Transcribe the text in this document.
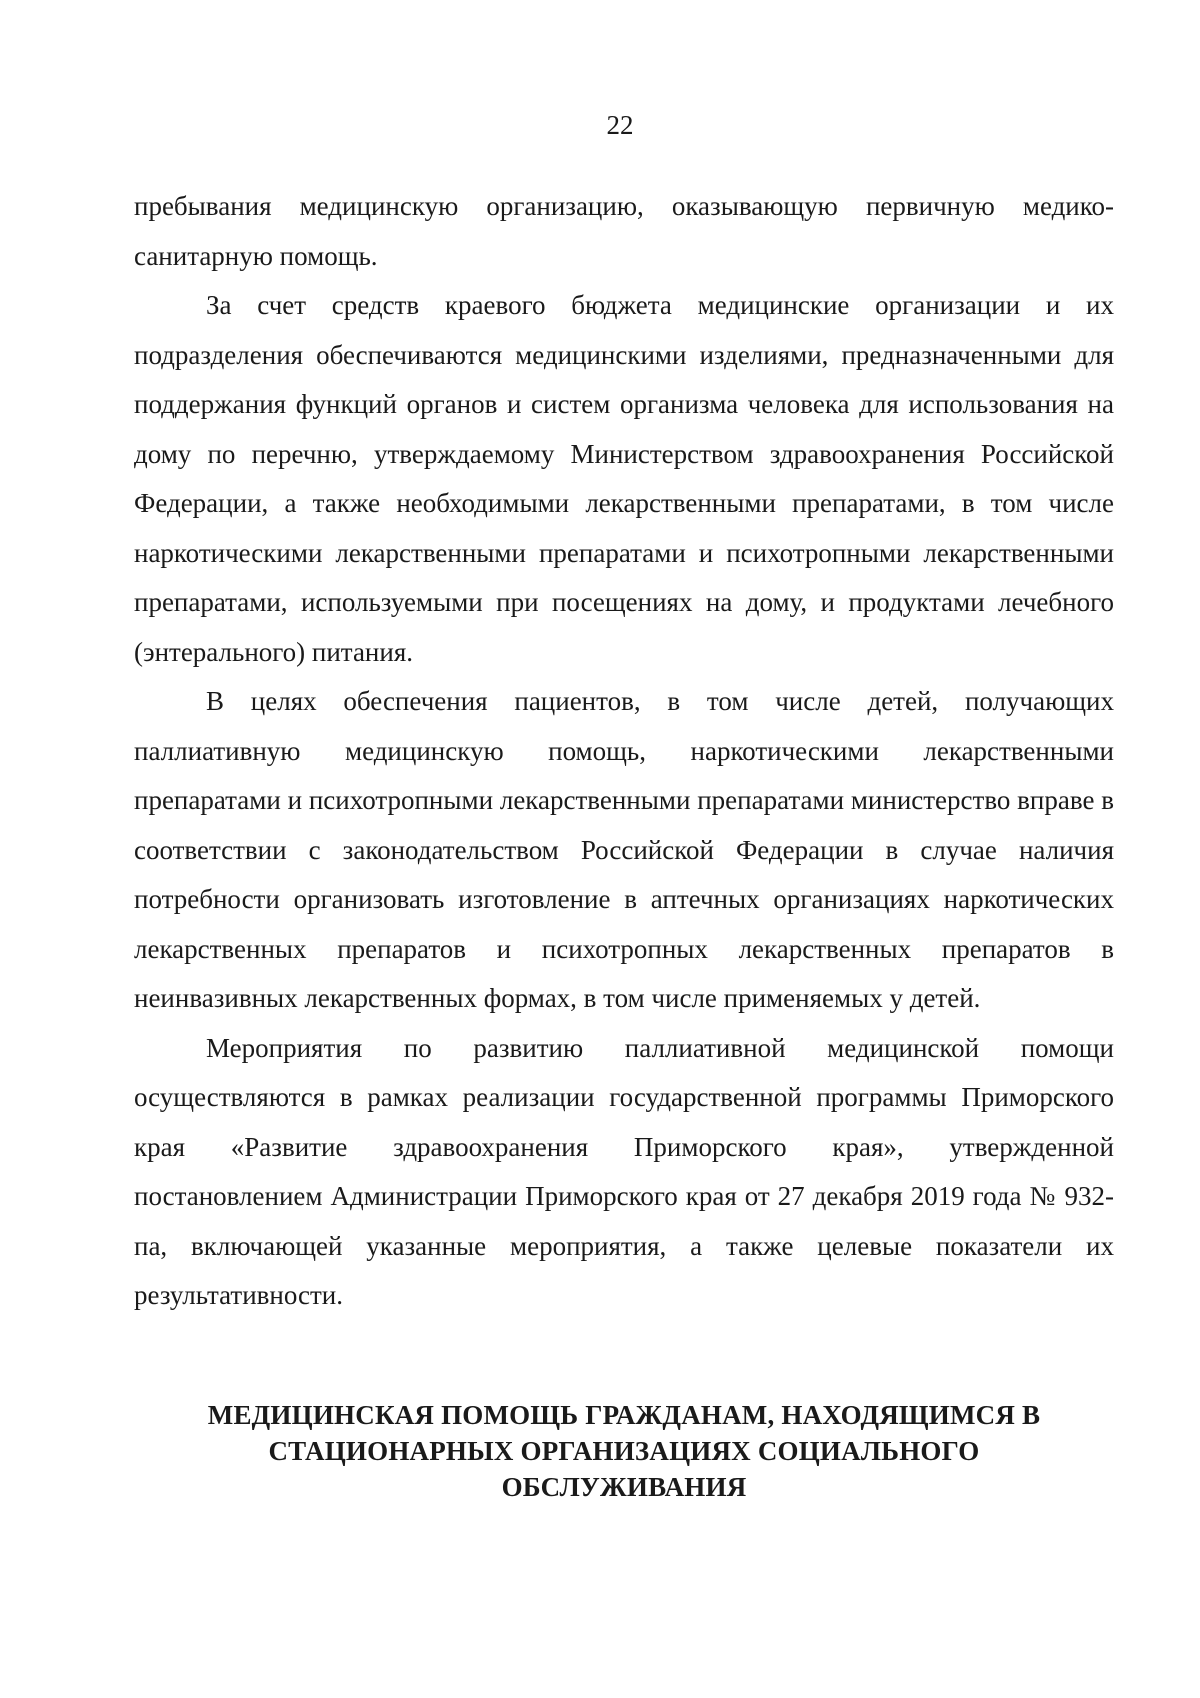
22

пребывания медицинскую организацию, оказывающую первичную медико-санитарную помощь.

За счет средств краевого бюджета медицинские организации и их подразделения обеспечиваются медицинскими изделиями, предназначенными для поддержания функций органов и систем организма человека для использования на дому по перечню, утверждаемому Министерством здравоохранения Российской Федерации, а также необходимыми лекарственными препаратами, в том числе наркотическими лекарственными препаратами и психотропными лекарственными препаратами, используемыми при посещениях на дому, и продуктами лечебного (энтерального) питания.

В целях обеспечения пациентов, в том числе детей, получающих паллиативную медицинскую помощь, наркотическими лекарственными препаратами и психотропными лекарственными препаратами министерство вправе в соответствии с законодательством Российской Федерации в случае наличия потребности организовать изготовление в аптечных организациях наркотических лекарственных препаратов и психотропных лекарственных препаратов в неинвазивных лекарственных формах, в том числе применяемых у детей.

Мероприятия по развитию паллиативной медицинской помощи осуществляются в рамках реализации государственной программы Приморского края «Развитие здравоохранения Приморского края», утвержденной постановлением Администрации Приморского края от 27 декабря 2019 года № 932-па, включающей указанные мероприятия, а также целевые показатели их результативности.

МЕДИЦИНСКАЯ ПОМОЩЬ ГРАЖДАНАМ, НАХОДЯЩИМСЯ В
СТАЦИОНАРНЫХ ОРГАНИЗАЦИЯХ СОЦИАЛЬНОГО
ОБСЛУЖИВАНИЯ
